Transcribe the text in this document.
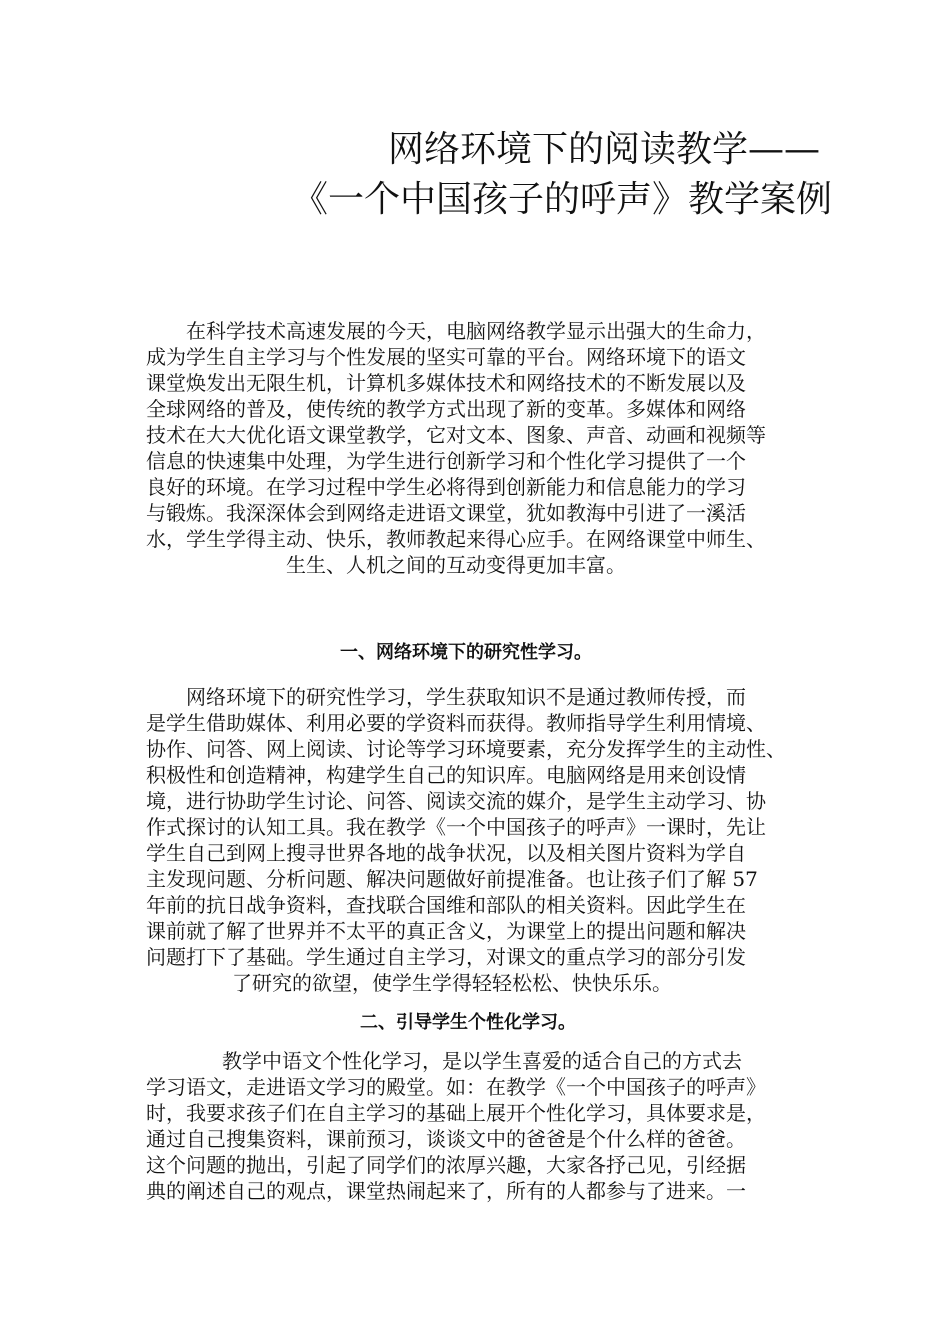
网络环境下的阅读教学——
《一个中国孩子的呼声》教学案例
在科学技术高速发展的今天，电脑网络教学显示出强大的生命力，
成为学生自主学习与个性发展的坚实可靠的平台。网络环境下的语文
课堂焕发出无限生机，计算机多媒体技术和网络技术的不断发展以及
全球网络的普及，使传统的教学方式出现了新的变革。多媒体和网络
技术在大大优化语文课堂教学，它对文本、图象、声音、动画和视频等
信息的快速集中处理，为学生进行创新学习和个性化学习提供了一个
良好的环境。在学习过程中学生必将得到创新能力和信息能力的学习
与锻炼。我深深体会到网络走进语文课堂，犹如教海中引进了一溪活
水，学生学得主动、快乐，教师教起来得心应手。在网络课堂中师生、
生生、人机之间的互动变得更加丰富。
一、网络环境下的研究性学习。
网络环境下的研究性学习，学生获取知识不是通过教师传授，而
是学生借助媒体、利用必要的学资料而获得。教师指导学生利用情境、
协作、问答、网上阅读、讨论等学习环境要素，充分发挥学生的主动性、
积极性和创造精神，构建学生自己的知识库。电脑网络是用来创设情
境，进行协助学生讨论、问答、阅读交流的媒介，是学生主动学习、协
作式探讨的认知工具。我在教学《一个中国孩子的呼声》一课时，先让
学生自己到网上搜寻世界各地的战争状况，以及相关图片资料为学自
主发现问题、分析问题、解决问题做好前提准备。也让孩子们了解 57
年前的抗日战争资料，查找联合国维和部队的相关资料。因此学生在
课前就了解了世界并不太平的真正含义，为课堂上的提出问题和解决
问题打下了基础。学生通过自主学习，对课文的重点学习的部分引发
了研究的欲望，使学生学得轻轻松松、快快乐乐。
二、引导学生个性化学习。
教学中语文个性化学习，是以学生喜爱的适合自己的方式去
学习语文，走进语文学习的殿堂。如：在教学《一个中国孩子的呼声》
时，我要求孩子们在自主学习的基础上展开个性化学习，具体要求是，
通过自己搜集资料，课前预习，谈谈文中的爸爸是个什么样的爸爸。
这个问题的抛出，引起了同学们的浓厚兴趣，大家各抒己见，引经据
典的阐述自己的观点，课堂热闹起来了，所有的人都参与了进来。一
